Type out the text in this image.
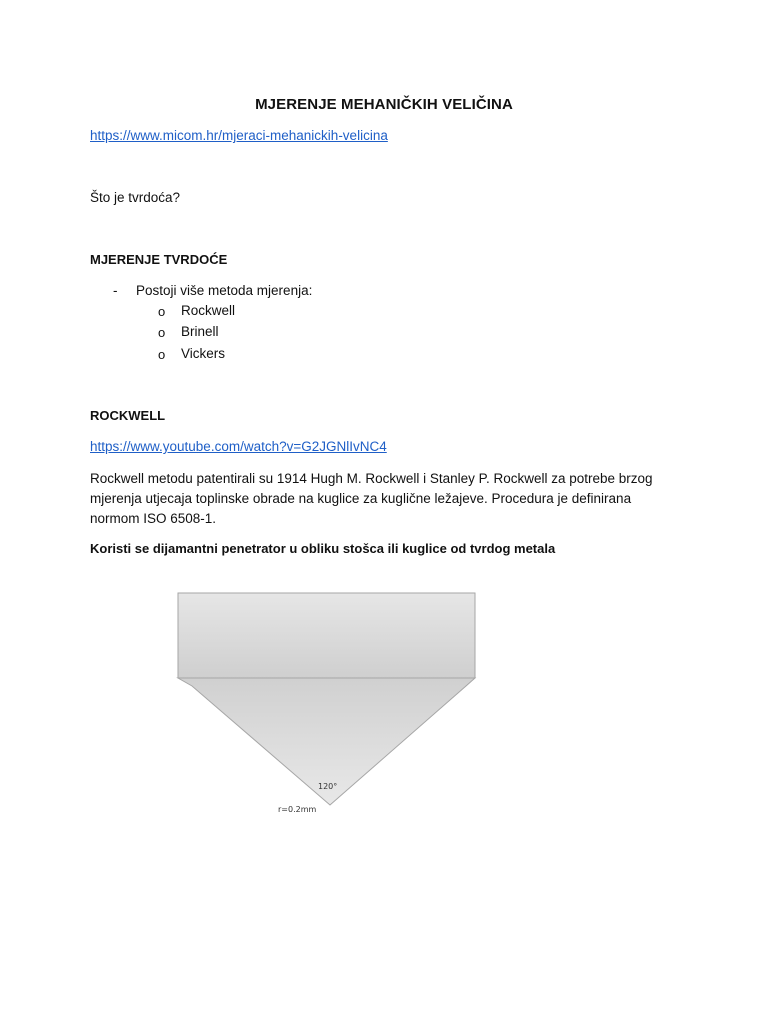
MJERENJE MEHANIČKIH VELIČINA
https://www.micom.hr/mjeraci-mehanickih-velicina
Što je tvrdoća?
MJERENJE TVRDOĆE
- Postoji više metoda mjerenja:
o Rockwell
o Brinell
o Vickers
ROCKWELL
https://www.youtube.com/watch?v=G2JGNlIvNC4
Rockwell metodu patentirali su 1914 Hugh M. Rockwell i Stanley P. Rockwell za potrebe brzog
mjerenja utjecaja toplinske obrade na kuglice za kuglične ležajeve. Procedura je definirana
normom ISO 6508-1.
Koristi se dijamantni penetrator u obliku stošca ili kuglice od tvrdog metala
120°
r=0.2mm
